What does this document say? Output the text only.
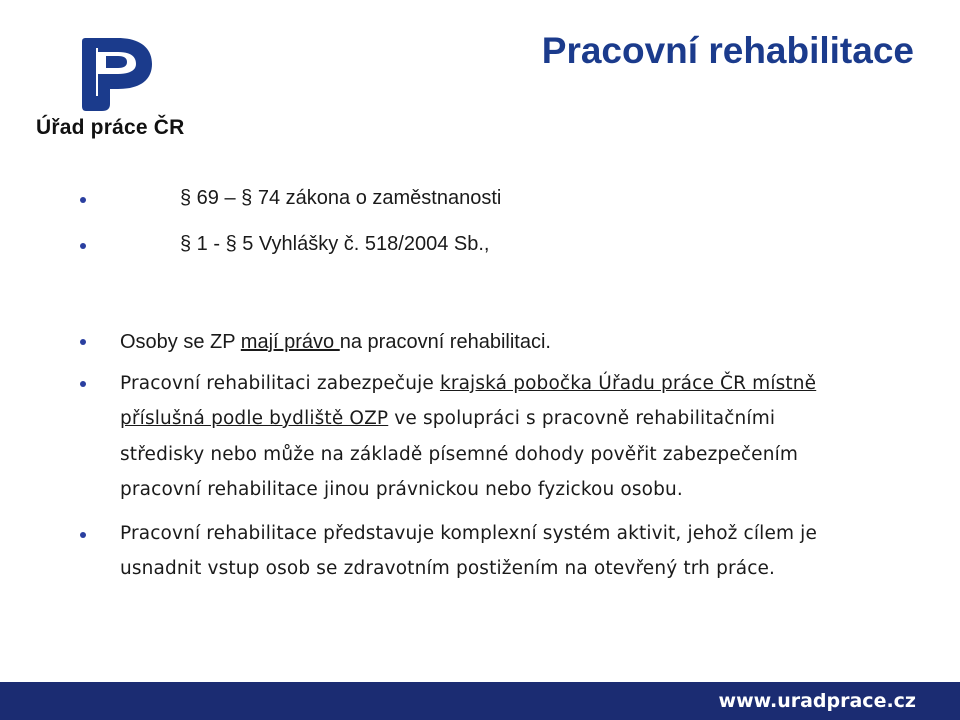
Úřad práce ČR
Pracovní rehabilitace
§ 69 – § 74 zákona o zaměstnanosti
§ 1 - § 5 Vyhlášky č. 518/2004 Sb.,
Osoby se ZP mají právo na pracovní rehabilitaci.
Pracovní rehabilitaci zabezpečuje krajská pobočka Úřadu práce ČR místně
příslušná podle bydliště OZP ve spolupráci s pracovně rehabilitačními
středisky nebo může na základě písemné dohody pověřit zabezpečením
pracovní rehabilitace jinou právnickou nebo fyzickou osobu.
Pracovní rehabilitace představuje komplexní systém aktivit, jehož cílem je
usnadnit vstup osob se zdravotním postižením na otevřený trh práce.
www.uradprace.cz
